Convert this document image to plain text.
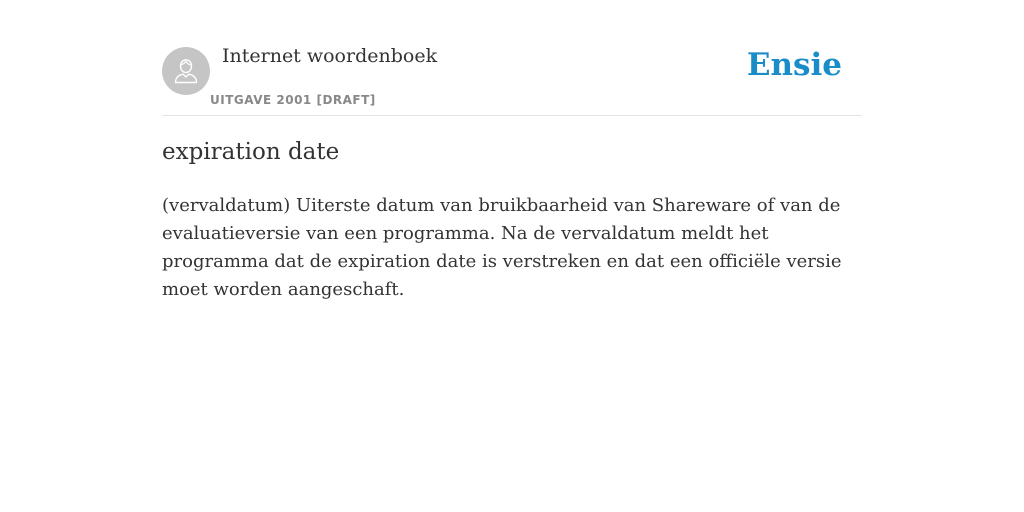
Internet woordenboek
UITGAVE 2001 [DRAFT]
Ensie
expiration date

(vervaldatum) Uiterste datum van bruikbaarheid van Shareware of van de evaluatieversie van een programma. Na de vervaldatum meldt het programma dat de expiration date is verstreken en dat een officiële versie moet worden aangeschaft.
